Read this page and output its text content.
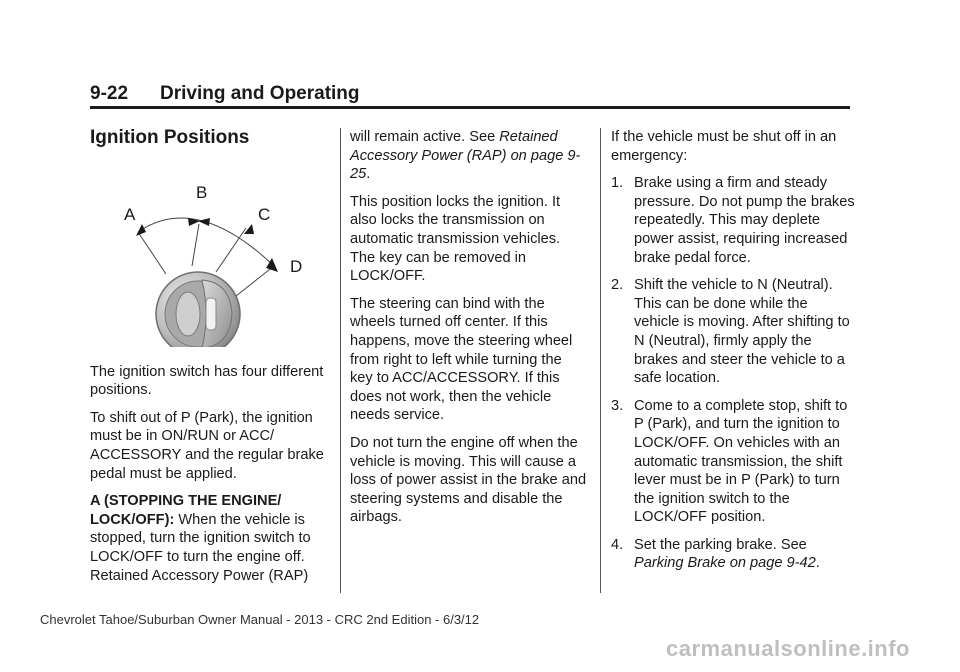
9-22 Driving and Operating
Ignition Positions
A
B
C
D

The ignition switch has four different positions.

To shift out of P (Park), the ignition must be in ON/RUN or ACC/ ACCESSORY and the regular brake pedal must be applied.

A (STOPPING THE ENGINE/ LOCK/OFF): When the vehicle is stopped, turn the ignition switch to LOCK/OFF to turn the engine off. Retained Accessory Power (RAP)

will remain active. See Retained Accessory Power (RAP) on page 9-25.

This position locks the ignition. It also locks the transmission on automatic transmission vehicles. The key can be removed in LOCK/OFF.

The steering can bind with the wheels turned off center. If this happens, move the steering wheel from right to left while turning the key to ACC/ACCESSORY. If this does not work, then the vehicle needs service.

Do not turn the engine off when the vehicle is moving. This will cause a loss of power assist in the brake and steering systems and disable the airbags.

If the vehicle must be shut off in an emergency:

1. Brake using a firm and steady pressure. Do not pump the brakes repeatedly. This may deplete power assist, requiring increased brake pedal force.
2. Shift the vehicle to N (Neutral). This can be done while the vehicle is moving. After shifting to N (Neutral), firmly apply the brakes and steer the vehicle to a safe location.
3. Come to a complete stop, shift to P (Park), and turn the ignition to LOCK/OFF. On vehicles with an automatic transmission, the shift lever must be in P (Park) to turn the ignition switch to the LOCK/OFF position.
4. Set the parking brake. See Parking Brake on page 9-42.
Chevrolet Tahoe/Suburban Owner Manual - 2013 - CRC 2nd Edition - 6/3/12
carmanualsonline.info
